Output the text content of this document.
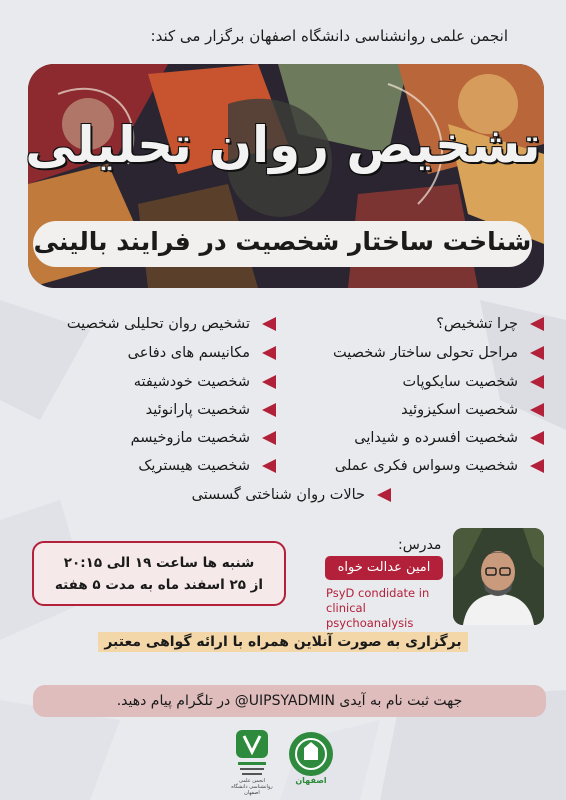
انجمن علمی روانشناسی دانشگاه اصفهان برگزار می کند:
تشخیص روان تحلیلی
شناخت ساختار شخصیت در فرایند بالینی
چرا تشخیص؟
مراحل تحولی ساختار شخصیت
شخصیت سایکوپات
شخصیت اسکیزوئید
شخصیت افسرده و شیدایی
شخصیت وسواس فکری عملی
تشخیص روان تحلیلی شخصیت
مکانیسم های دفاعی
شخصیت خودشیفته
شخصیت پارانوئید
شخصیت مازوخیسم
شخصیت هیستریک
حالات روان شناختی گسستی
شنبه ها ساعت ۱۹ الی ۲۰:۱۵
از ۲۵ اسفند ماه به مدت ۵ هفته
مدرس:
امین عدالت خواه
PsyD condidate in
clinical psychoanalysis
برگزاری به صورت آنلاین همراه با ارائه گواهی معتبر
جهت ثبت نام به آیدی UIPSYADMIN@ در تلگرام پیام دهید.
انجمن علمی روانشناسی دانشگاه اصفهان
اصفهان
